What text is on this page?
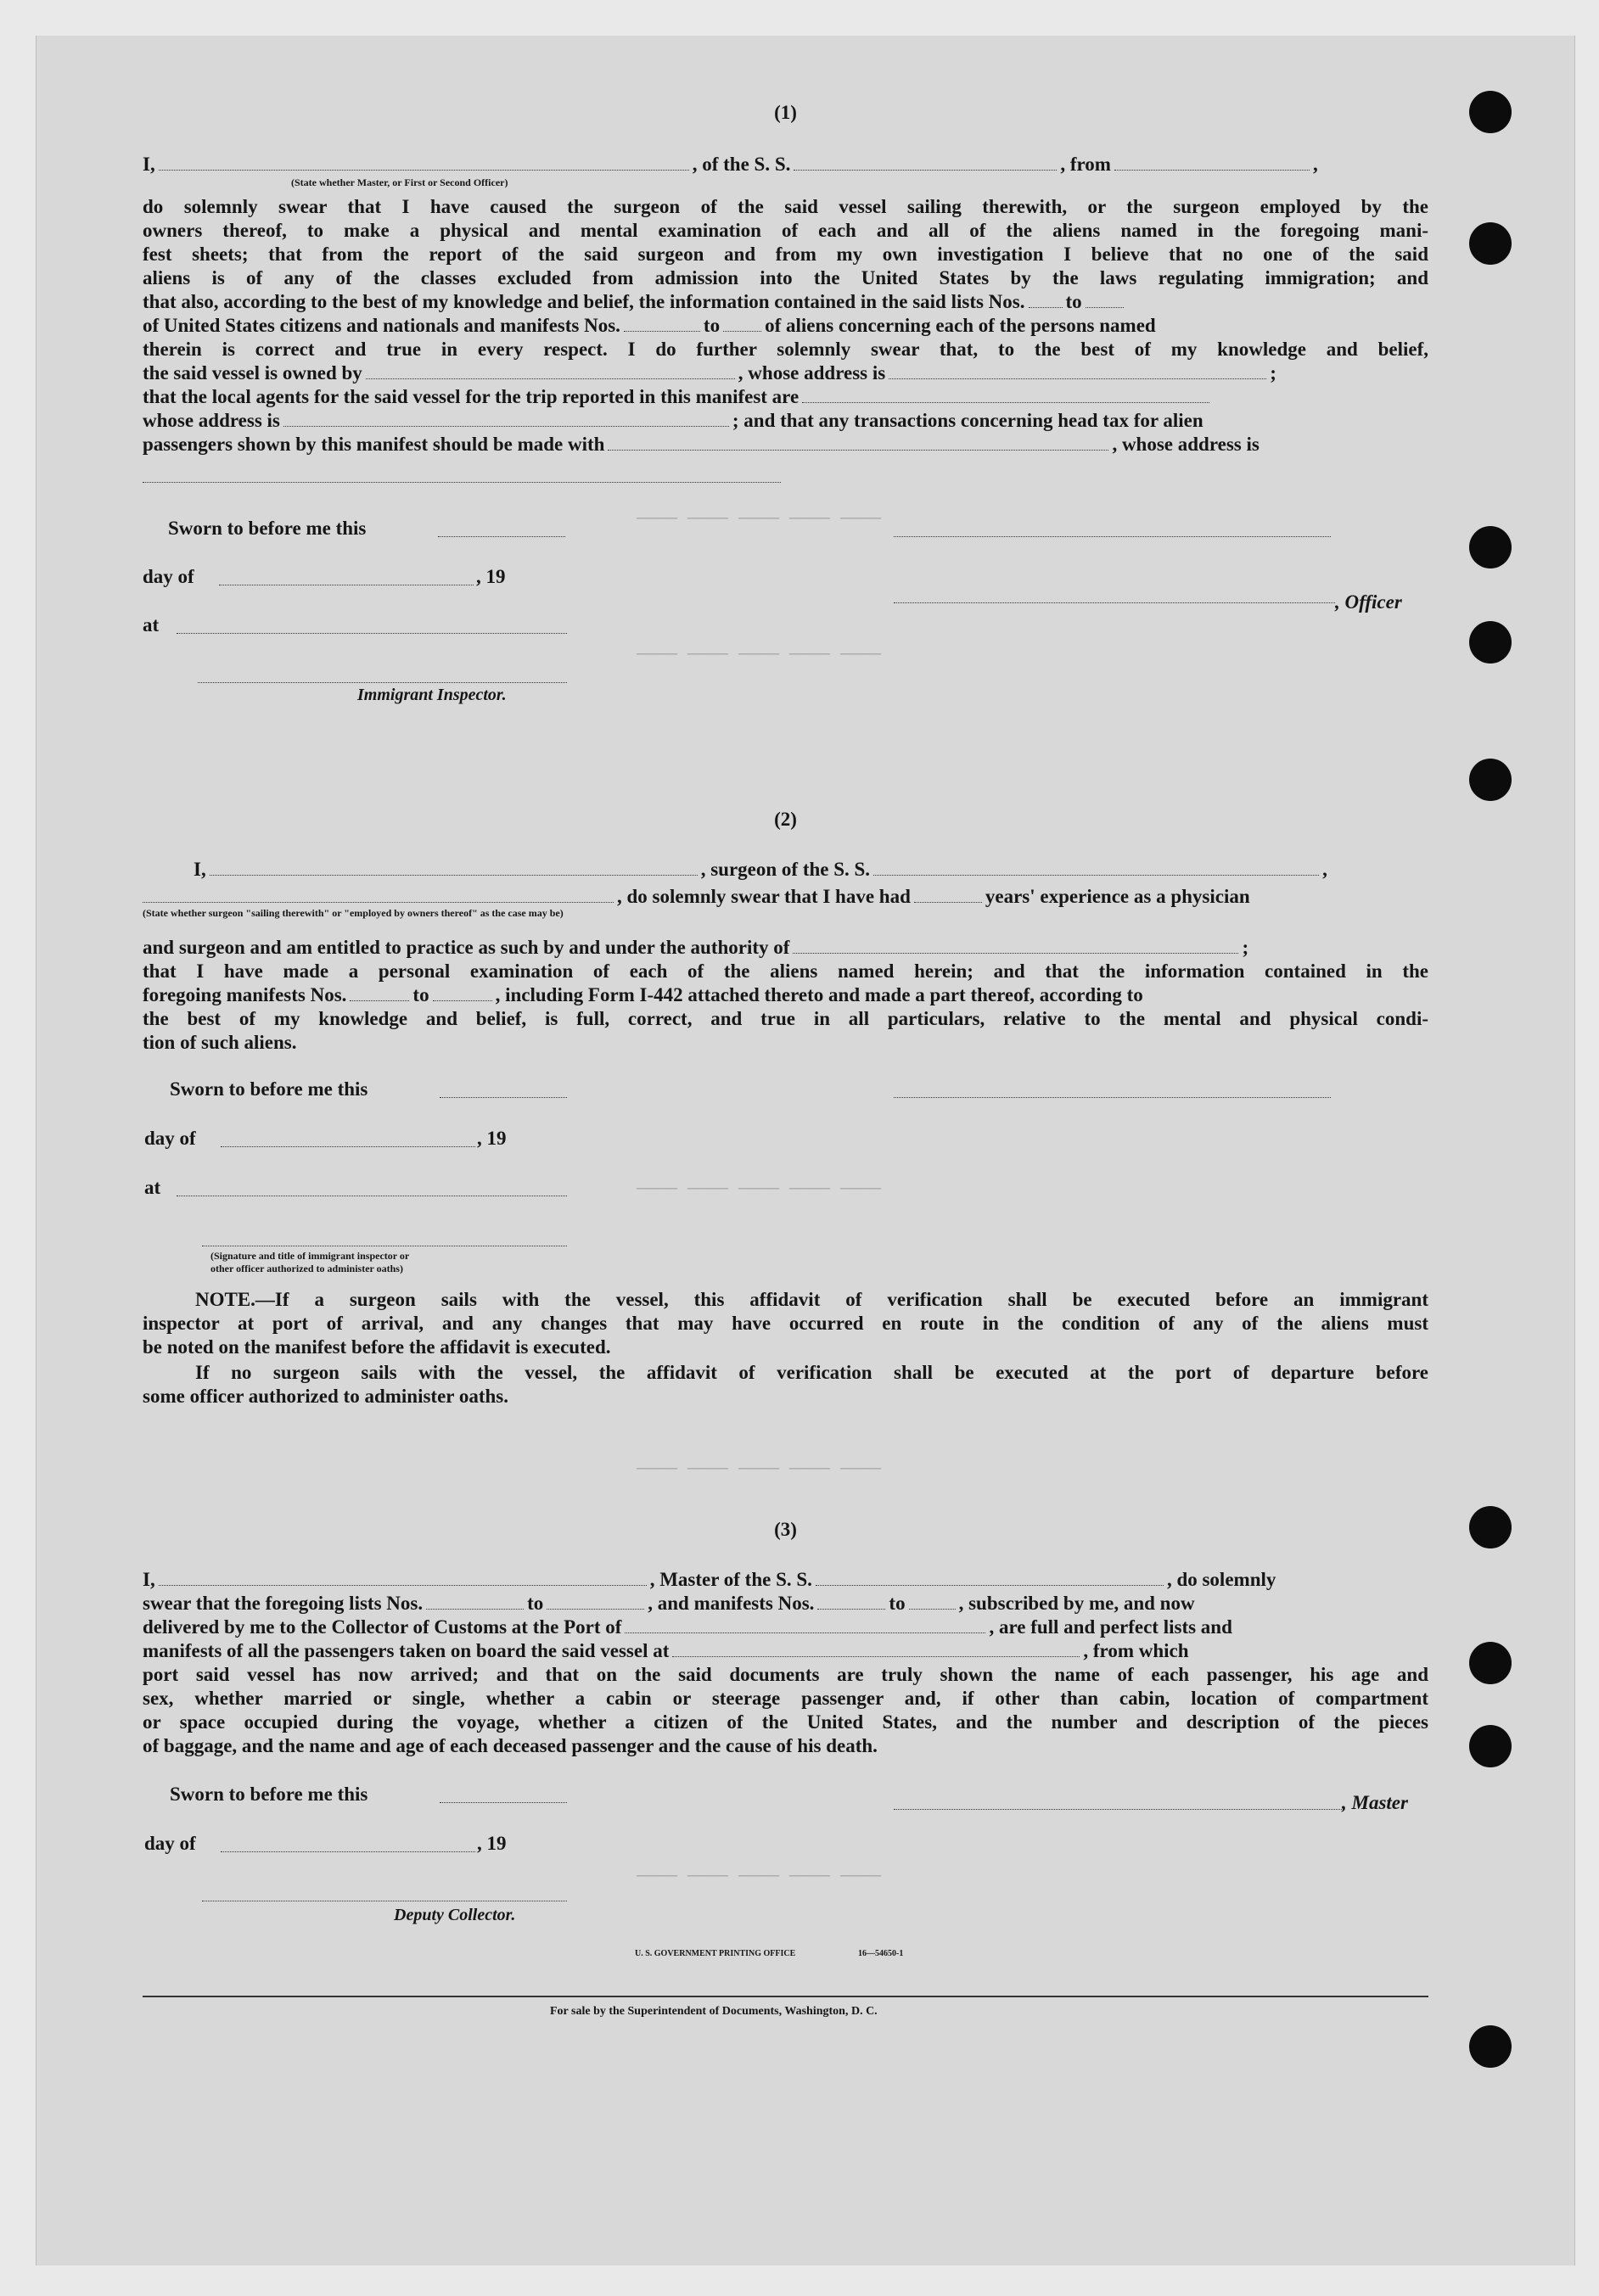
———— ———— ———— ———— ————
———— ———— ———— ———— ————
———— ———— ———— ———— ————
———— ———— ———— ———— ————
———— ———— ———— ———— ————
(1)
I,	, of the S. S.	, from	,
(State whether Master, or First or Second Officer)
do solemnly swear that I have caused the surgeon of the said vessel sailing therewith, or the surgeon employed by the
owners thereof, to make a physical and mental examination of each and all of the aliens named in the foregoing mani-
fest sheets; that from the report of the said surgeon and from my own investigation I believe that no one of the said
aliens is of any of the classes excluded from admission into the United States by the laws regulating immigration; and
that also, according to the best of my knowledge and belief, the information contained in the said lists Nos. to
of United States citizens and nationals and manifests Nos.	to of aliens concerning each of the persons named
therein is correct and true in every respect. I do further solemnly swear that, to the best of my knowledge and belief,
the said vessel is owned by	, whose address is	;
that the local agents for the said vessel for the trip reported in this manifest are
whose address is	; and that any transactions concerning head tax for alien
passengers shown by this manifest should be made with	, whose address is
Sworn to before me this
day of	, 19
at
, Officer
Immigrant Inspector.
(2)
I,	, surgeon of the S. S.	,
, do solemnly swear that I have had	years' experience as a physician
(State whether surgeon "sailing therewith" or "employed by owners thereof" as the case may be)
and surgeon and am entitled to practice as such by and under the authority of	;
that I have made a personal examination of each of the aliens named herein; and that the information contained in the
foregoing manifests Nos.	to	, including Form I-442 attached thereto and made a part thereof, according to
the best of my knowledge and belief, is full, correct, and true in all particulars, relative to the mental and physical condi-
tion of such aliens.
Sworn to before me this
day of	, 19
at
(Signature and title of immigrant inspector or
other officer authorized to administer oaths)
NOTE.—If a surgeon sails with the vessel, this affidavit of verification shall be executed before an immigrant
inspector at port of arrival, and any changes that may have occurred en route in the condition of any of the aliens must
be noted on the manifest before the affidavit is executed.
If no surgeon sails with the vessel, the affidavit of verification shall be executed at the port of departure before
some officer authorized to administer oaths.
(3)
I,	, Master of the S. S.	, do solemnly
swear that the foregoing lists Nos.	to	, and manifests Nos.	to	, subscribed by me, and now
delivered by me to the Collector of Customs at the Port of	, are full and perfect lists and
manifests of all the passengers taken on board the said vessel at	, from which
port said vessel has now arrived; and that on the said documents are truly shown the name of each passenger, his age and
sex, whether married or single, whether a cabin or steerage passenger and, if other than cabin, location of compartment
or space occupied during the voyage, whether a citizen of the United States, and the number and description of the pieces
of baggage, and the name and age of each deceased passenger and the cause of his death.
Sworn to before me this	, Master
day of	, 19
Deputy Collector.
U. S. GOVERNMENT PRINTING OFFICE	16—54650-1
For sale by the Superintendent of Documents, Washington, D. C.
